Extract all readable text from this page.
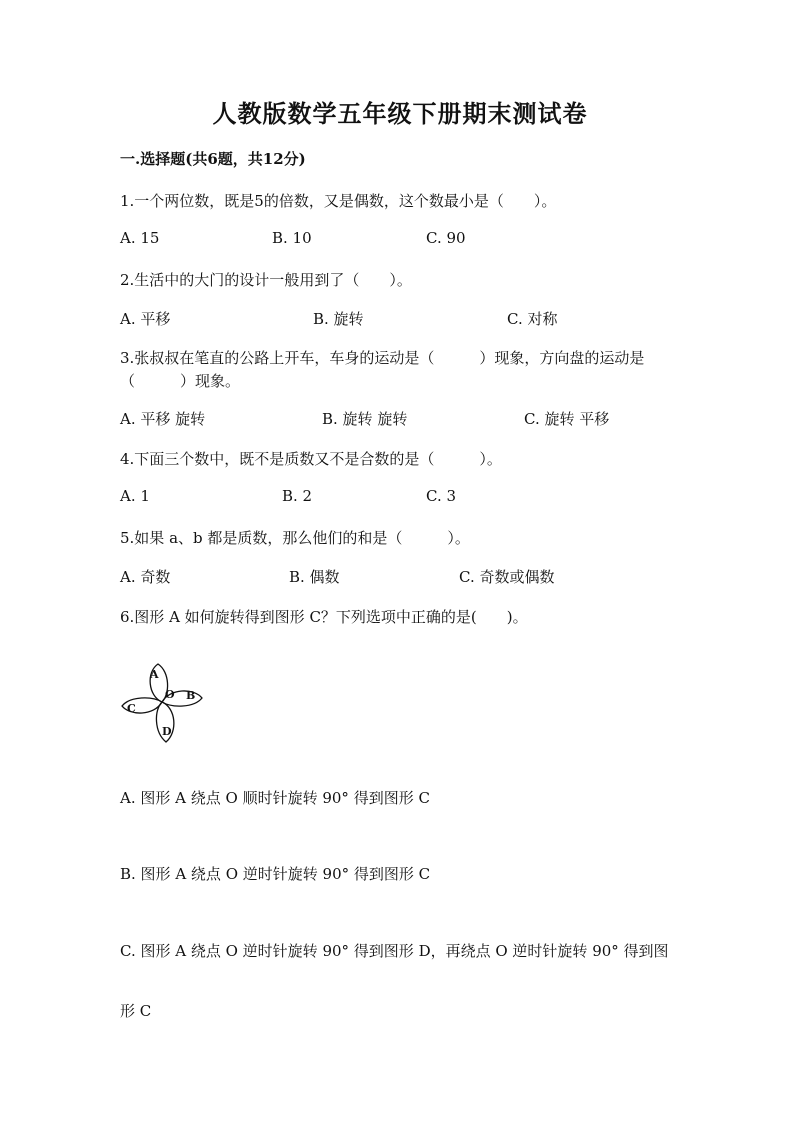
人教版数学五年级下册期末测试卷
一.选择题(共6题，共12分)
1.一个两位数，既是5的倍数，又是偶数，这个数最小是（　　）。
A. 15	B. 10	C. 90
2.生活中的大门的设计一般用到了（　　）。
A. 平移	B. 旋转	C. 对称
3.张叔叔在笔直的公路上开车，车身的运动是（　　　）现象，方向盘的运动是
（　　　）现象。
A. 平移 旋转	B. 旋转 旋转	C. 旋转 平移
4.下面三个数中，既不是质数又不是合数的是（　　　）。
A. 1	B. 2	C. 3
5.如果 a、b 都是质数，那么他们的和是（　　　）。
A. 奇数	B. 偶数	C. 奇数或偶数
6.图形 A 如何旋转得到图形 C？下列选项中正确的是(　　)。
A
O B
C
D
A. 图形 A 绕点 O 顺时针旋转 90° 得到图形 C
B. 图形 A 绕点 O 逆时针旋转 90° 得到图形 C
C. 图形 A 绕点 O 逆时针旋转 90° 得到图形 D，再绕点 O 逆时针旋转 90° 得到图
形 C
